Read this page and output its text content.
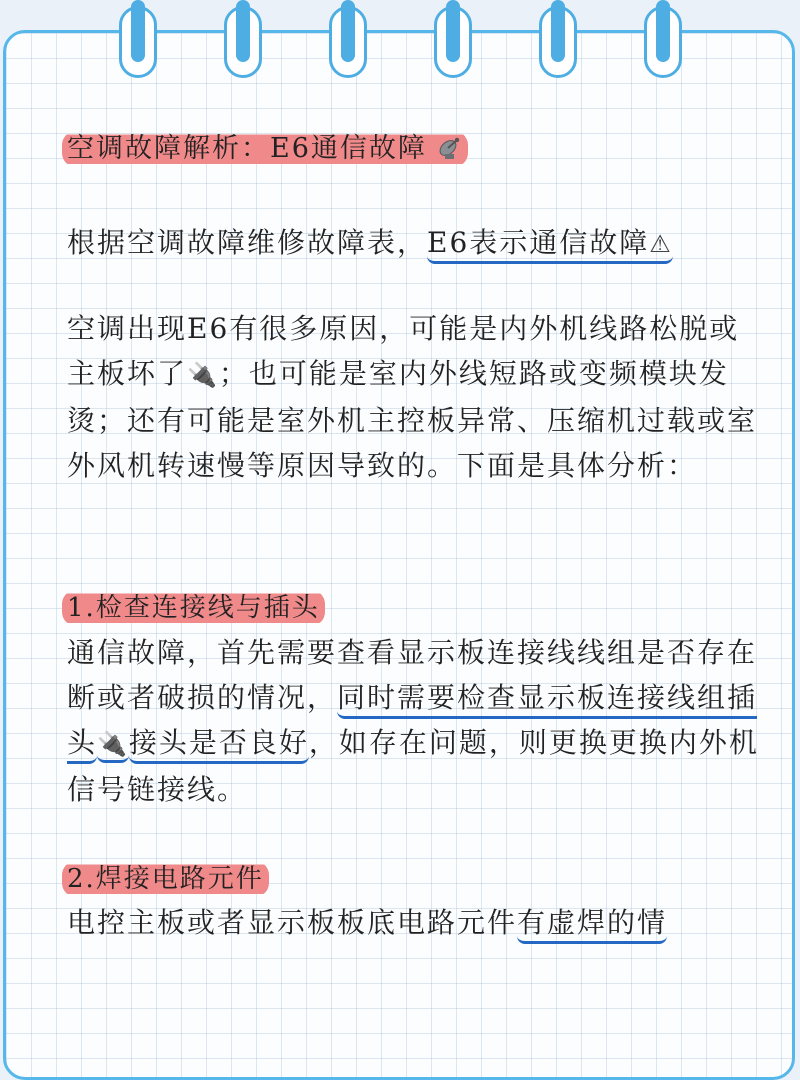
空调故障解析：E6通信故障
根据空调故障维修故障表，E6表示通信故障⚠
空调出现E6有很多原因，可能是内外机线路松脱或主板坏了🔌；也可能是室内外线短路或变频模块发烫；还有可能是室外机主控板异常、压缩机过载或室外风机转速慢等原因导致的。下面是具体分析：
1.检查连接线与插头
通信故障，首先需要查看显示板连接线线组是否存在断或者破损的情况，同时需要检查显示板连接线组插头🔌接头是否良好，如存在问题，则更换更换内外机信号链接线。
2.焊接电路元件
电控主板或者显示板板底电路元件有虚焊的情
